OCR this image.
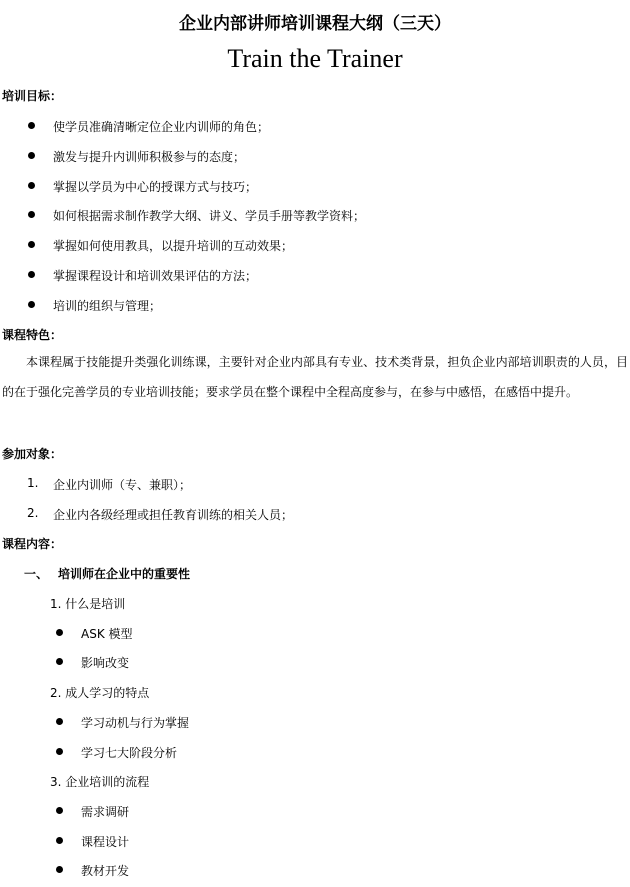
企业内部讲师培训课程大纲（三天）
Train the Trainer
培训目标：
使学员准确清晰定位企业内训师的角色；
激发与提升内训师积极参与的态度；
掌握以学员为中心的授课方式与技巧；
如何根据需求制作教学大纲、讲义、学员手册等教学资料；
掌握如何使用教具，以提升培训的互动效果；
掌握课程设计和培训效果评估的方法；
培训的组织与管理；
课程特色：
本课程属于技能提升类强化训练课，主要针对企业内部具有专业、技术类背景，担负企业内部培训职责的人员，目的在于强化完善学员的专业培训技能；要求学员在整个课程中全程高度参与，在参与中感悟，在感悟中提升。
参加对象：
1. 企业内训师（专、兼职）；
2. 企业内各级经理或担任教育训练的相关人员；
课程内容：
一、 培训师在企业中的重要性
1. 什么是培训
ASK 模型
影响改变
2. 成人学习的特点
学习动机与行为掌握
学习七大阶段分析
3. 企业培训的流程
需求调研
课程设计
教材开发
